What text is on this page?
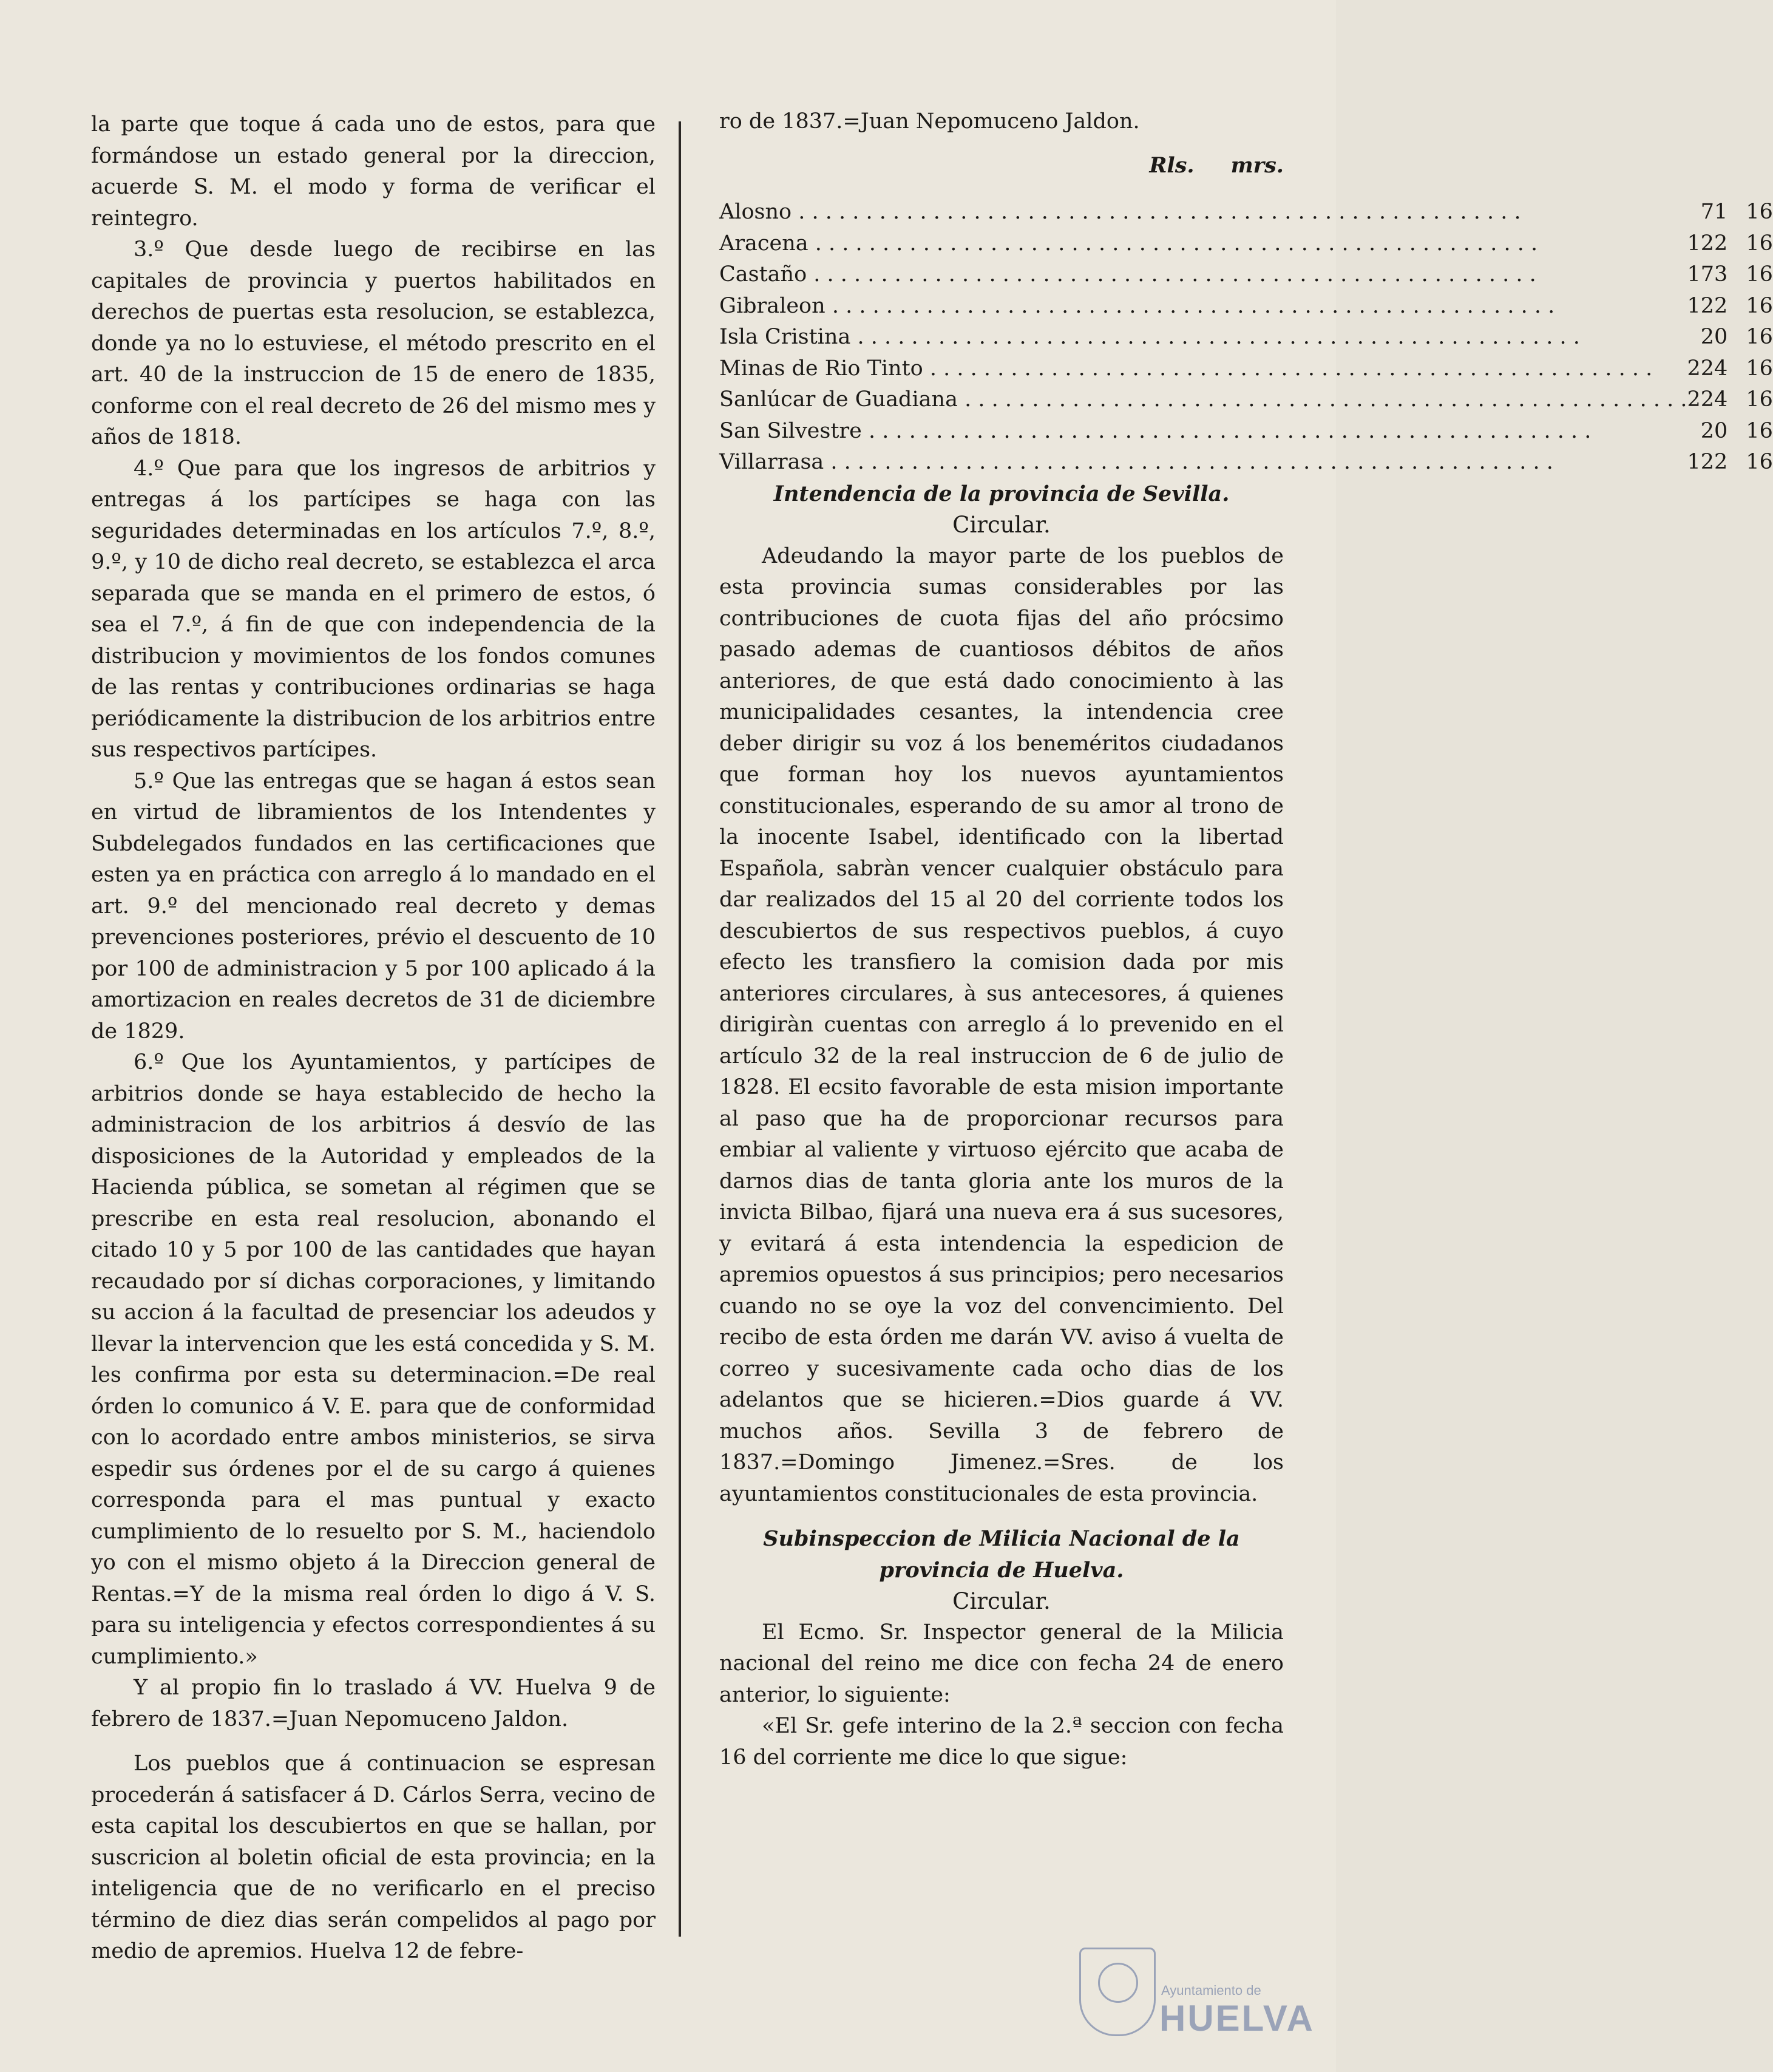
la parte que toque á cada uno de estos, para que formándose un estado general por la direccion, acuerde S. M. el modo y forma de verificar el reintegro.

3.º Que desde luego de recibirse en las capitales de provincia y puertos habilitados en derechos de puertas esta resolucion, se establezca, donde ya no lo estuviese, el método prescrito en el art. 40 de la instruccion de 15 de enero de 1835, conforme con el real decreto de 26 del mismo mes y años de 1818.

4.º Que para que los ingresos de arbitrios y entregas á los partícipes se haga con las seguridades determinadas en los artículos 7.º, 8.º, 9.º, y 10 de dicho real decreto, se establezca el arca separada que se manda en el primero de estos, ó sea el 7.º, á fin de que con independencia de la distribucion y movimientos de los fondos comunes de las rentas y contribuciones ordinarias se haga periódicamente la distribucion de los arbitrios entre sus respectivos partícipes.

5.º Que las entregas que se hagan á estos sean en virtud de libramientos de los Intendentes y Subdelegados fundados en las certificaciones que esten ya en práctica con arreglo á lo mandado en el art. 9.º del mencionado real decreto y demas prevenciones posteriores, prévio el descuento de 10 por 100 de administracion y 5 por 100 aplicado á la amortizacion en reales decretos de 31 de diciembre de 1829.

6.º Que los Ayuntamientos, y partícipes de arbitrios donde se haya establecido de hecho la administracion de los arbitrios á desvío de las disposiciones de la Autoridad y empleados de la Hacienda pública, se sometan al régimen que se prescribe en esta real resolucion, abonando el citado 10 y 5 por 100 de las cantidades que hayan recaudado por sí dichas corporaciones, y limitando su accion á la facultad de presenciar los adeudos y llevar la intervencion que les está concedida y S. M. les confirma por esta su determinacion.=De real órden lo comunico á V. E. para que de conformidad con lo acordado entre ambos ministerios, se sirva espedir sus órdenes por el de su cargo á quienes corresponda para el mas puntual y exacto cumplimiento de lo resuelto por S. M., haciendolo yo con el mismo objeto á la Direccion general de Rentas.=Y de la misma real órden lo digo á V. S. para su inteligencia y efectos correspondientes á su cumplimiento.»

Y al propio fin lo traslado á VV. Huelva 9 de febrero de 1837.=Juan Nepomuceno Jaldon.

Los pueblos que á continuacion se espresan procederán á satisfacer á D. Cárlos Serra, vecino de esta capital los descubiertos en que se hallan, por suscricion al boletin oficial de esta provincia; en la inteligencia que de no verificarlo en el preciso término de diez dias serán compelidos al pago por medio de apremios. Huelva 12 de febre-

ro de 1837.=Juan Nepomuceno Jaldon.

Rls. mrs.
Alosno . . .	71	16
Aracena . . .	122	16
Castaño . . .	173	16
Gibraleon . . .	122	16
Isla Cristina . . .	20	16
Minas de Rio Tinto . . .	224	16
Sanlúcar de Guadiana . . .	224	16
San Silvestre . . .	20	16
Villarrasa . . .	122	16

Intendencia de la provincia de Sevilla.

Circular.

Adeudando la mayor parte de los pueblos de esta provincia sumas considerables por las contribuciones de cuota fijas del año prócsimo pasado ademas de cuantiosos débitos de años anteriores, de que está dado conocimiento à las municipalidades cesantes, la intendencia cree deber dirigir su voz á los beneméritos ciudadanos que forman hoy los nuevos ayuntamientos constitucionales, esperando de su amor al trono de la inocente Isabel, identificado con la libertad Española, sabràn vencer cualquier obstáculo para dar realizados del 15 al 20 del corriente todos los descubiertos de sus respectivos pueblos, á cuyo efecto les transfiero la comision dada por mis anteriores circulares, à sus antecesores, á quienes dirigiràn cuentas con arreglo á lo prevenido en el artículo 32 de la real instruccion de 6 de julio de 1828. El ecsito favorable de esta mision importante al paso que ha de proporcionar recursos para embiar al valiente y virtuoso ejército que acaba de darnos dias de tanta gloria ante los muros de la invicta Bilbao, fijará una nueva era á sus sucesores, y evitará á esta intendencia la espedicion de apremios opuestos á sus principios; pero necesarios cuando no se oye la voz del convencimiento. Del recibo de esta órden me darán VV. aviso á vuelta de correo y sucesivamente cada ocho dias de los adelantos que se hicieren.=Dios guarde á VV. muchos años. Sevilla 3 de febrero de 1837.=Domingo Jimenez.=Sres. de los ayuntamientos constitucionales de esta provincia.

Subinspeccion de Milicia Nacional de la provincia de Huelva.

Circular.

El Ecmo. Sr. Inspector general de la Milicia nacional del reino me dice con fecha 24 de enero anterior, lo siguiente:

«El Sr. gefe interino de la 2.ª seccion con fecha 16 del corriente me dice lo que sigue:

Ayuntamiento de
HUELVA
